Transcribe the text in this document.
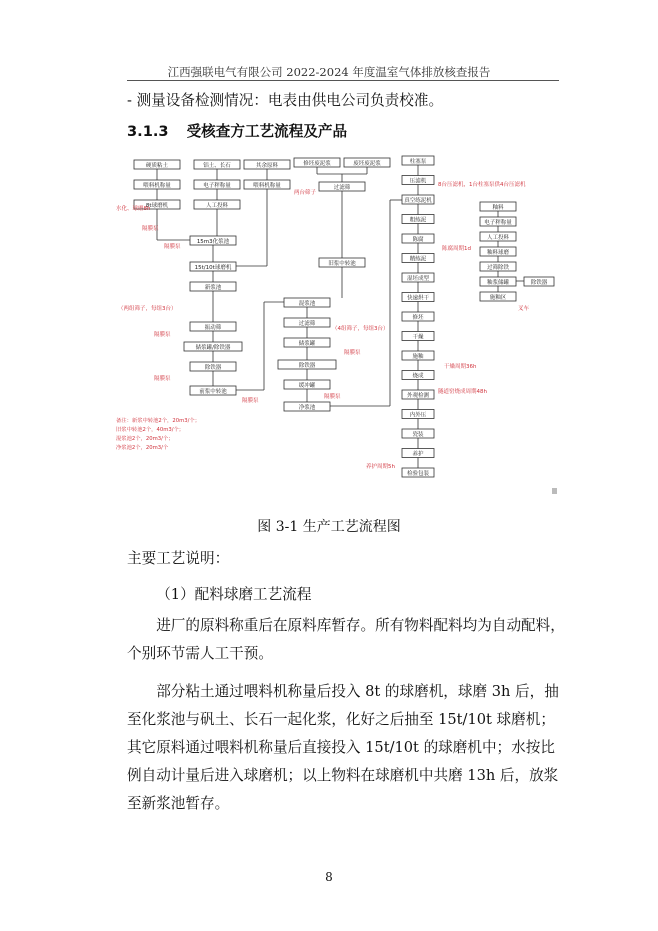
江西强联电气有限公司 2022-2024 年度温室气体排放核查报告
- 测量设备检测情况：电表由供电公司负责校准。
3.1.3 受核查方工艺流程及产品
硬质粘土	铝土、长石	其余原料
喂料机称量	电子秤称量	喂料机称量
8t球磨机	人工投料
15m3化浆池
15t/10t球磨机
新浆池
振动筛
储浆罐/除铁器
除铁器
前浆中转池
修坯废泥浆	废坯废泥浆
过滤筛
旧浆中转池
混浆池
过滤筛
储浆罐
除铁器
缓冲罐
净浆池
柱塞泵
压滤机
真空练泥机
粗练泥
陈腐
精练泥
湿坯成型
快速烘干
修坯
干燥
施釉
烧成
外观检测
内外压
瓷装
养护
检验包装
釉料
电子秤称量
人工投料
釉料球磨
过筛除铁
釉浆储罐
施釉区
除铁器
水化、球磨8h
隔膜泵
隔膜泵
（两组筛子，每组3台）
隔膜泵
隔膜泵
隔膜泵
两台筛子
（4组筛子，每组3台）
隔膜泵
隔膜泵
8台压滤机，1台柱塞泵供4台压滤机
陈腐周期1d
干燥周期36h
隧道窑烧成周期48h
养护周期5h
叉车
备注：新浆中转池2个，20m3/个；
旧浆中转池2个，40m3/个；
混浆池2个，20m3/个；
净浆池2个，20m3/个
图 3-1 生产工艺流程图
主要工艺说明：
（1）配料球磨工艺流程
进厂的原料称重后在原料库暂存。所有物料配料均为自动配料，个别环节需人工干预。
部分粘土通过喂料机称量后投入 8t 的球磨机，球磨 3h 后，抽至化浆池与矾土、长石一起化浆，化好之后抽至 15t/10t 球磨机；其它原料通过喂料机称量后直接投入 15t/10t 的球磨机中；水按比例自动计量后进入球磨机；以上物料在球磨机中共磨 13h 后，放浆至新浆池暂存。
8
